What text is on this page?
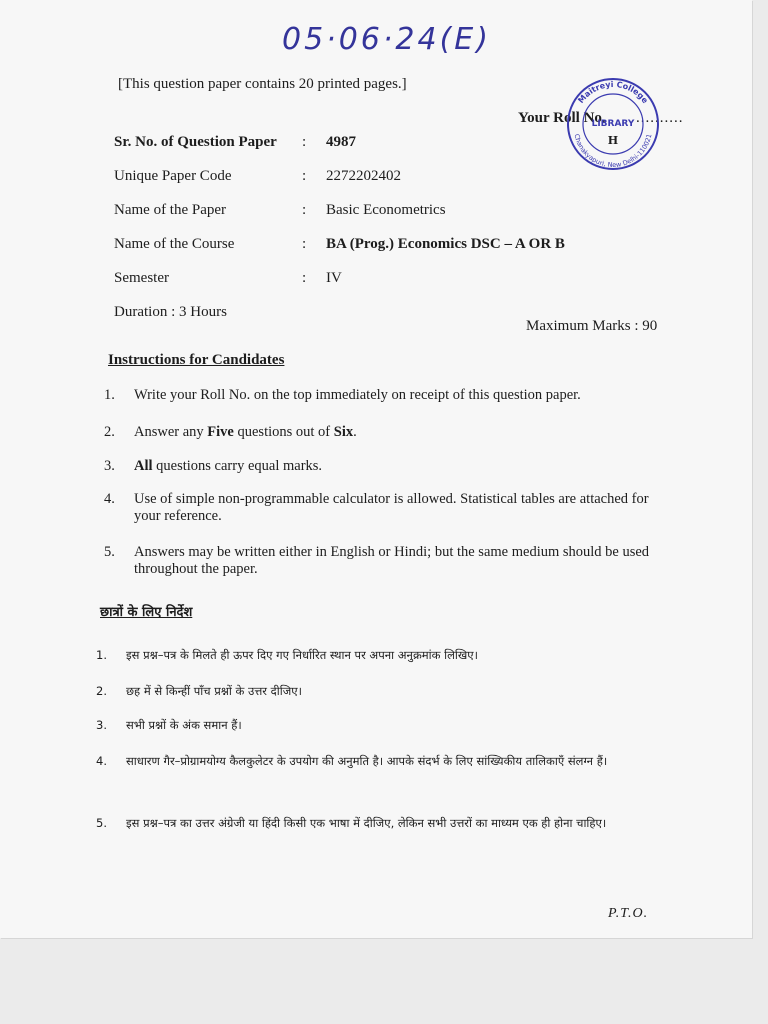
05·06·24(E)
[This question paper contains 20 printed pages.]
Your Roll No. ..........
Maitreyi College
Chanakyapuri, New Delhi-110021
LIBRARY
H
Sr. No. of Question Paper : 4987
Unique Paper Code	: 2272202402
Name of the Paper	: Basic Econometrics
Name of the Course	: BA (Prog.) Economics DSC – A OR B
Semester	: IV
Duration : 3 Hours
Maximum Marks : 90
Instructions for Candidates
1. Write your Roll No. on the top immediately on receipt of this question paper.
2. Answer any Five questions out of Six.
3. All questions carry equal marks.
4. Use of simple non-programmable calculator is allowed. Statistical tables are attached for your reference.
5. Answers may be written either in English or Hindi; but the same medium should be used throughout the paper.
छात्रों के लिए निर्देश
1. इस प्रश्न–पत्र के मिलते ही ऊपर दिए गए निर्धारित स्थान पर अपना अनुक्रमांक लिखिए।
2. छह में से किन्हीं पाँच प्रश्नों के उत्तर दीजिए।
3. सभी प्रश्नों के अंक समान हैं।
4. साधारण गैर–प्रोग्रामयोग्य कैलकुलेटर के उपयोग की अनुमति है। आपके संदर्भ के लिए सांख्यिकीय तालिकाएँ संलग्न हैं।
5. इस प्रश्न–पत्र का उत्तर अंग्रेजी या हिंदी किसी एक भाषा में दीजिए, लेकिन सभी उत्तरों का माध्यम एक ही होना चाहिए।
P.T.O.
